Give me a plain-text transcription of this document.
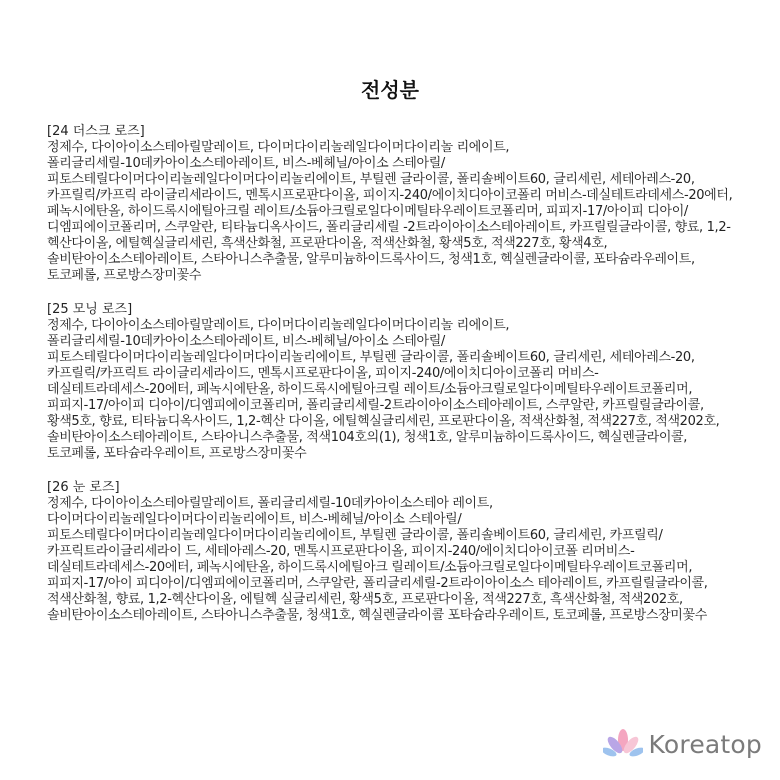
전성분
[24 더스크 로즈]
정제수, 다이아이소스테아릴말레이트, 다이머다이리놀레일다이머다이리놀 리에이트, 폴리글리세릴-10데카아이소스테아레이트, 비스-베헤닐/아이소 스테아릴/피토스테릴다이머다이리놀레일다이머다이리놀리에이트, 부틸렌 글라이콜, 폴리솔베이트60, 글리세린, 세테아레스-20, 카프릴릭/카프릭 라이글리세라이드, 멘톡시프로판다이올, 피이지-240/에이치디아이코폴리 머비스-데실테트라데세스-20에터, 페녹시에탄올, 하이드록시에틸아크릴 레이트/소듐아크릴로일다이메틸타우레이트코폴리머, 피피지-17/아이피 디아이/디엠피에이코폴리머, 스쿠알란, 티타늄디옥사이드, 폴리글리세릴 -2트라이아이소스테아레이트, 카프릴릴글라이콜, 향료, 1,2-헥산다이올, 에틸헥실글리세린, 흑색산화철, 프로판다이올, 적색산화철, 황색5호, 적색227호, 황색4호, 솔비탄아이소스테아레이트, 스타아니스추출물, 알루미늄하이드록사이드, 청색1호, 헥실렌글라이콜, 포타슘라우레이트, 토코페롤, 프로방스장미꽃수
[25 모닝 로즈]
정제수, 다이아이소스테아릴말레이트, 다이머다이리놀레일다이머다이리놀 리에이트, 폴리글리세릴-10데카아이소스테아레이트, 비스-베헤닐/아이소 스테아릴/피토스테릴다이머다이리놀레일다이머다이리놀리에이트, 부틸렌 글라이콜, 폴리솔베이트60, 글리세린, 세테아레스-20, 카프릴릭/카프릭트 라이글리세라이드, 멘톡시프로판다이올, 피이지-240/에이치디아이코폴리 머비스-데실테트라데세스-20에터, 페녹시에탄올, 하이드록시에틸아크릴 레이트/소듐아크릴로일다이메틸타우레이트코폴리머, 피피지-17/아이피 디아이/디엠피에이코폴리머, 폴리글리세릴-2트라이아이소스테아레이트, 스쿠알란, 카프릴릴글라이콜, 황색5호, 향료, 티타늄디옥사이드, 1,2-헥산 다이올, 에틸헥실글리세린, 프로판다이올, 적색산화철, 적색227호, 적색202호, 솔비탄아이소스테아레이트, 스타아니스추출물, 적색104호의(1), 청색1호, 알루미늄하이드록사이드, 헥실렌글라이콜, 토코페롤, 포타슘라우레이트, 프로방스장미꽃수
[26 눈 로즈]
정제수, 다이아이소스테아릴말레이트, 폴리글리세릴-10데카아이소스테아 레이트, 다이머다이리놀레일다이머다이리놀리에이트, 비스-베헤닐/아이소 스테아릴/피토스테릴다이머다이리놀레일다이머다이리놀리에이트, 부틸렌 글라이콜, 폴리솔베이트60, 글리세린, 카프릴릭/카프릭트라이글리세라이 드, 세테아레스-20, 멘톡시프로판다이올, 피이지-240/에이치디아이코폴 리머비스-데실테트라데세스-20에터, 페녹시에탄올, 하이드록시에틸아크 릴레이트/소듐아크릴로일다이메틸타우레이트코폴리머, 피피지-17/아이 피디아이/디엠피에이코폴리머, 스쿠알란, 폴리글리세릴-2트라이아이소스 테아레이트, 카프릴릴글라이콜, 적색산화철, 향료, 1,2-헥산다이올, 에틸헥 실글리세린, 황색5호, 프로판다이올, 적색227호, 흑색산화철, 적색202호, 솔비탄아이소스테아레이트, 스타아니스추출물, 청색1호, 헥실렌글라이콜 포타슘라우레이트, 토코페롤, 프로방스장미꽃수
Koreatop
